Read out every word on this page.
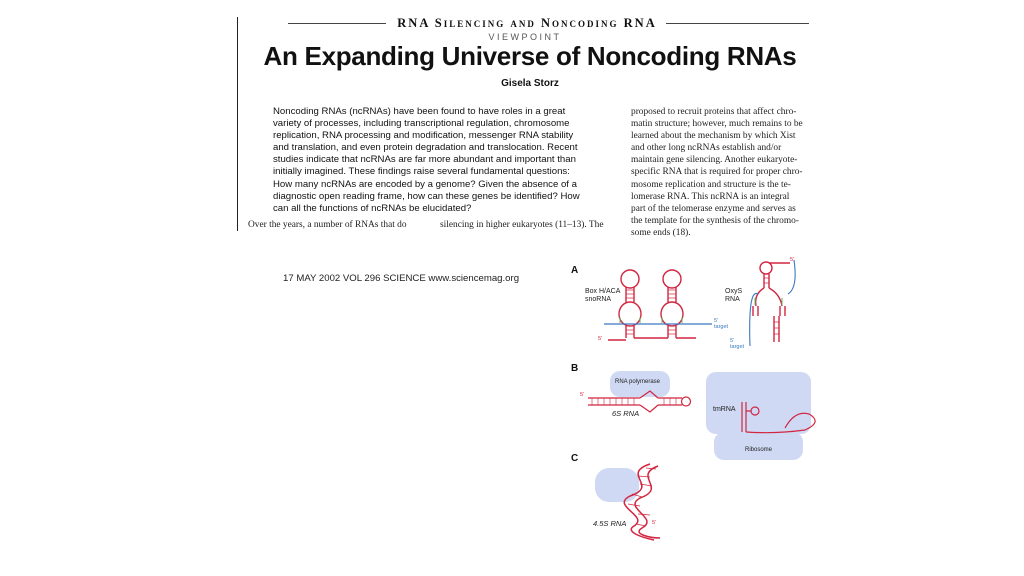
RNA Silencing and Noncoding RNA
VIEWPOINT
An Expanding Universe of Noncoding RNAs
Gisela Storz
Noncoding RNAs (ncRNAs) have been found to have roles in a great
variety of processes, including transcriptional regulation, chromosome
replication, RNA processing and modification, messenger RNA stability
and translation, and even protein degradation and translocation. Recent
studies indicate that ncRNAs are far more abundant and important than
initially imagined. These findings raise several fundamental questions:
How many ncRNAs are encoded by a genome? Given the absence of a
diagnostic open reading frame, how can these genes be identified? How
can all the functions of ncRNAs be elucidated?
proposed to recruit proteins that affect chro-
matin structure; however, much remains to be
learned about the mechanism by which Xist
and other long ncRNAs establish and/or
maintain gene silencing. Another eukaryote-
specific RNA that is required for proper chro-
mosome replication and structure is the te-
lomerase RNA. This ncRNA is an integral
part of the telomerase enzyme and serves as
the template for the synthesis of the chromo-
some ends (18).
Over the years, a number of RNAs that do	silencing in higher eukaryotes (11–13). The
17 MAY 2002 VOL 296 SCIENCE www.sciencemag.org
A
B
C
Box H/ACA
snoRNA
5'
target
5'
OxyS
RNA
5'
5'
target
RNA polymerase
5'
6S RNA
Ribosome
tmRNA
4.5S RNA	5'
